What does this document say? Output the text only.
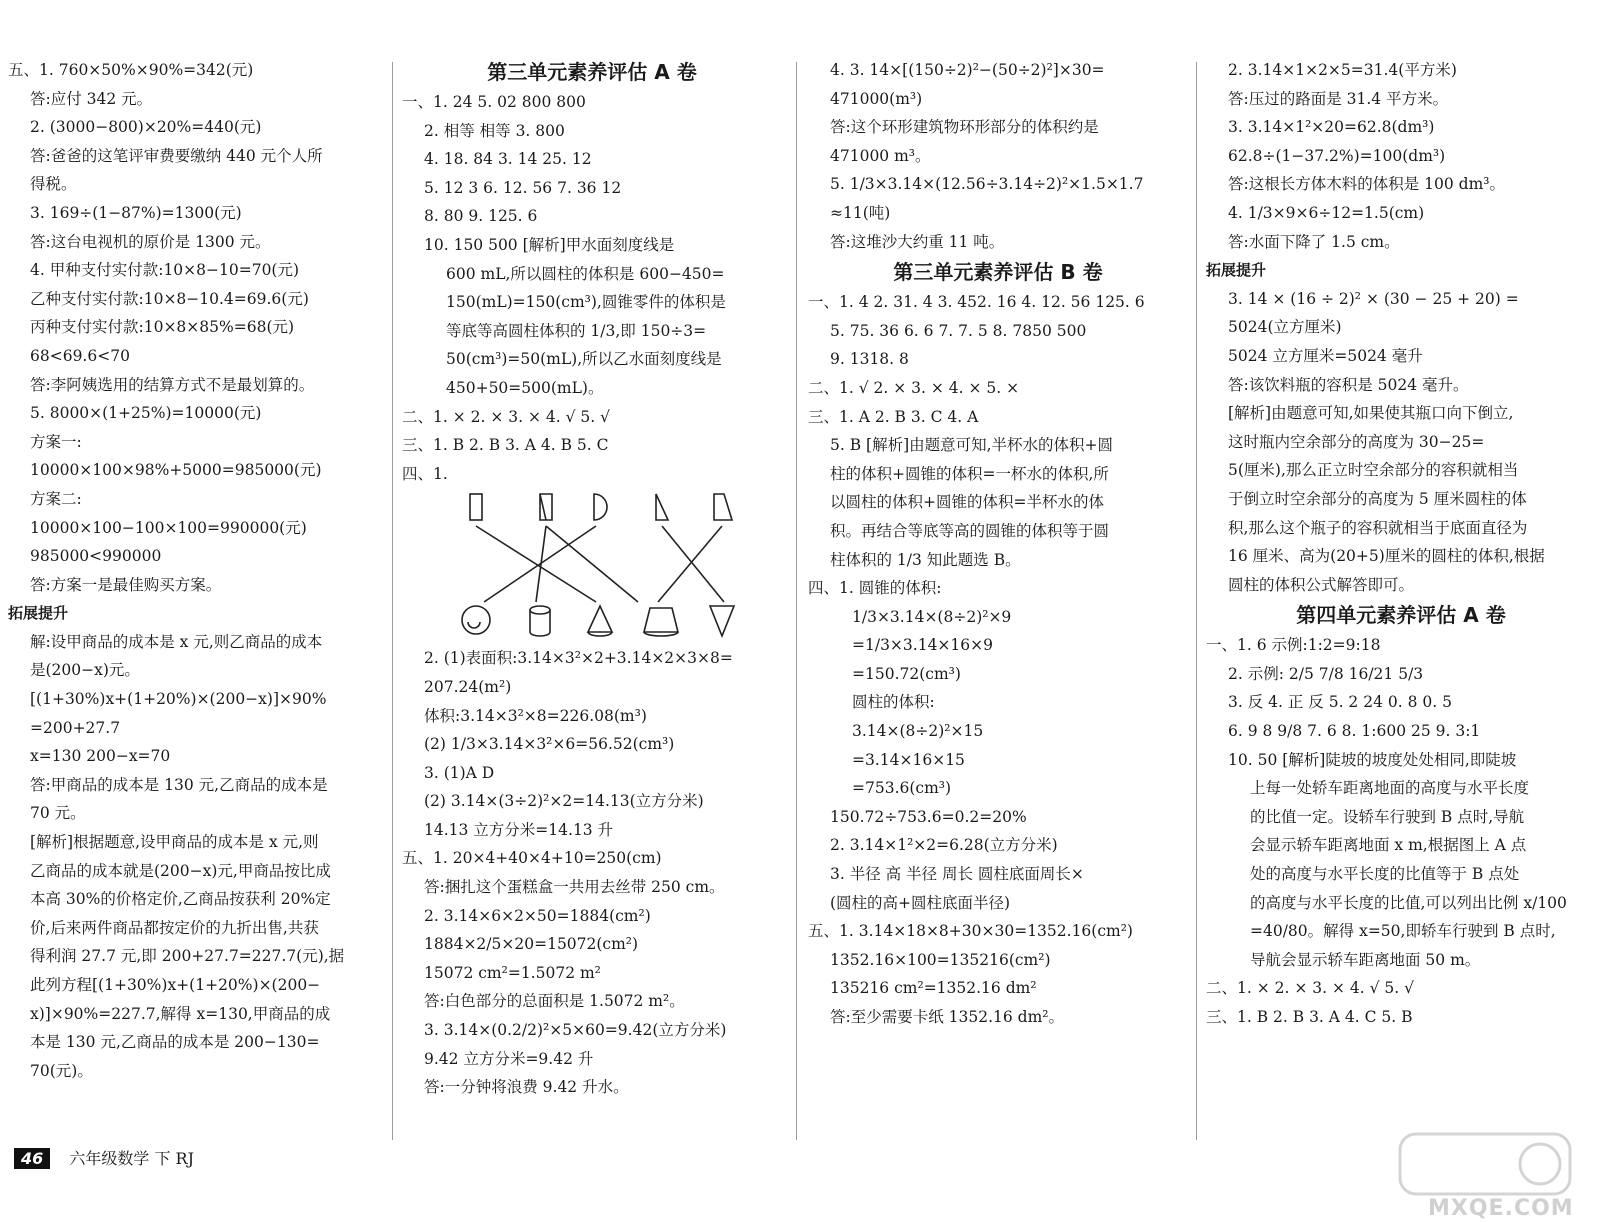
五、1. 760×50%×90%=342(元)
答:应付 342 元。
2. (3000−800)×20%=440(元)
答:爸爸的这笔评审费要缴纳 440 元个人所
得税。
3. 169÷(1−87%)=1300(元)
答:这台电视机的原价是 1300 元。
4. 甲种支付实付款:10×8−10=70(元)
乙种支付实付款:10×8−10.4=69.6(元)
丙种支付实付款:10×8×85%=68(元)
68<69.6<70
答:李阿姨选用的结算方式不是最划算的。
5. 8000×(1+25%)=10000(元)
方案一:
10000×100×98%+5000=985000(元)
方案二:
10000×100−100×100=990000(元)
985000<990000
答:方案一是最佳购买方案。
拓展提升
解:设甲商品的成本是 x 元,则乙商品的成本
是(200−x)元。
[(1+30%)x+(1+20%)×(200−x)]×90%
=200+27.7
x=130 200−x=70
答:甲商品的成本是 130 元,乙商品的成本是
70 元。
[解析]根据题意,设甲商品的成本是 x 元,则
乙商品的成本就是(200−x)元,甲商品按比成
本高 30%的价格定价,乙商品按获利 20%定
价,后来两件商品都按定价的九折出售,共获
得利润 27.7 元,即 200+27.7=227.7(元),据
此列方程[(1+30%)x+(1+20%)×(200−
x)]×90%=227.7,解得 x=130,甲商品的成
本是 130 元,乙商品的成本是 200−130=
70(元)。
第三单元素养评估 A 卷
一、1. 24 5. 02 800 800
2. 相等 相等 3. 800
4. 18. 84 3. 14 25. 12
5. 12 3 6. 12. 56 7. 36 12
8. 80 9. 125. 6
10. 150 500 [解析]甲水面刻度线是
600 mL,所以圆柱的体积是 600−450=
150(mL)=150(cm³),圆锥零件的体积是
等底等高圆柱体积的 1/3,即 150÷3=
50(cm³)=50(mL),所以乙水面刻度线是
450+50=500(mL)。
二、1. × 2. × 3. × 4. √ 5. √
三、1. B 2. B 3. A 4. B 5. C
四、1.
2. (1)表面积:3.14×3²×2+3.14×2×3×8=
207.24(m²)
体积:3.14×3²×8=226.08(m³)
(2) 1/3×3.14×3²×6=56.52(cm³)
3. (1)A D
(2) 3.14×(3÷2)²×2=14.13(立方分米)
14.13 立方分米=14.13 升
五、1. 20×4+40×4+10=250(cm)
答:捆扎这个蛋糕盒一共用去丝带 250 cm。
2. 3.14×6×2×50=1884(cm²)
1884×2/5×20=15072(cm²)
15072 cm²=1.5072 m²
答:白色部分的总面积是 1.5072 m²。
3. 3.14×(0.2/2)²×5×60=9.42(立方分米)
9.42 立方分米=9.42 升
答:一分钟将浪费 9.42 升水。
4. 3. 14×[(150÷2)²−(50÷2)²]×30=
471000(m³)
答:这个环形建筑物环形部分的体积约是
471000 m³。
5. 1/3×3.14×(12.56÷3.14÷2)²×1.5×1.7
≈11(吨)
答:这堆沙大约重 11 吨。
第三单元素养评估 B 卷
一、1. 4 2. 31. 4 3. 452. 16 4. 12. 56 125. 6
5. 75. 36 6. 6 7. 7. 5 8. 7850 500
9. 1318. 8
二、1. √ 2. × 3. × 4. × 5. ×
三、1. A 2. B 3. C 4. A
5. B [解析]由题意可知,半杯水的体积+圆
柱的体积+圆锥的体积=一杯水的体积,所
以圆柱的体积+圆锥的体积=半杯水的体
积。再结合等底等高的圆锥的体积等于圆
柱体积的 1/3 知此题选 B。
四、1. 圆锥的体积:
1/3×3.14×(8÷2)²×9
=1/3×3.14×16×9
=150.72(cm³)
圆柱的体积:
3.14×(8÷2)²×15
=3.14×16×15
=753.6(cm³)
150.72÷753.6=0.2=20%
2. 3.14×1²×2=6.28(立方分米)
3. 半径 高 半径 周长 圆柱底面周长×
(圆柱的高+圆柱底面半径)
五、1. 3.14×18×8+30×30=1352.16(cm²)
1352.16×100=135216(cm²)
135216 cm²=1352.16 dm²
答:至少需要卡纸 1352.16 dm²。
2. 3.14×1×2×5=31.4(平方米)
答:压过的路面是 31.4 平方米。
3. 3.14×1²×20=62.8(dm³)
62.8÷(1−37.2%)=100(dm³)
答:这根长方体木料的体积是 100 dm³。
4. 1/3×9×6÷12=1.5(cm)
答:水面下降了 1.5 cm。
拓展提升
3. 14 × (16 ÷ 2)² × (30 − 25 + 20) =
5024(立方厘米)
5024 立方厘米=5024 毫升
答:该饮料瓶的容积是 5024 毫升。
[解析]由题意可知,如果使其瓶口向下倒立,
这时瓶内空余部分的高度为 30−25=
5(厘米),那么正立时空余部分的容积就相当
于倒立时空余部分的高度为 5 厘米圆柱的体
积,那么这个瓶子的容积就相当于底面直径为
16 厘米、高为(20+5)厘米的圆柱的体积,根据
圆柱的体积公式解答即可。
第四单元素养评估 A 卷
一、1. 6 示例:1:2=9:18
2. 示例: 2/5 7/8 16/21 5/3
3. 反 4. 正 反 5. 2 24 0. 8 0. 5
6. 9 8 9/8 7. 6 8. 1:600 25 9. 3:1
10. 50 [解析]陡坡的坡度处处相同,即陡坡
上每一处轿车距离地面的高度与水平长度
的比值一定。设轿车行驶到 B 点时,导航
会显示轿车距离地面 x m,根据图上 A 点
处的高度与水平长度的比值等于 B 点处
的高度与水平长度的比值,可以列出比例 x/100
=40/80。解得 x=50,即轿车行驶到 B 点时,
导航会显示轿车距离地面 50 m。
二、1. × 2. × 3. × 4. √ 5. √
三、1. B 2. B 3. A 4. C 5. B
46 六年级数学 下 RJ
MXQE.COM
